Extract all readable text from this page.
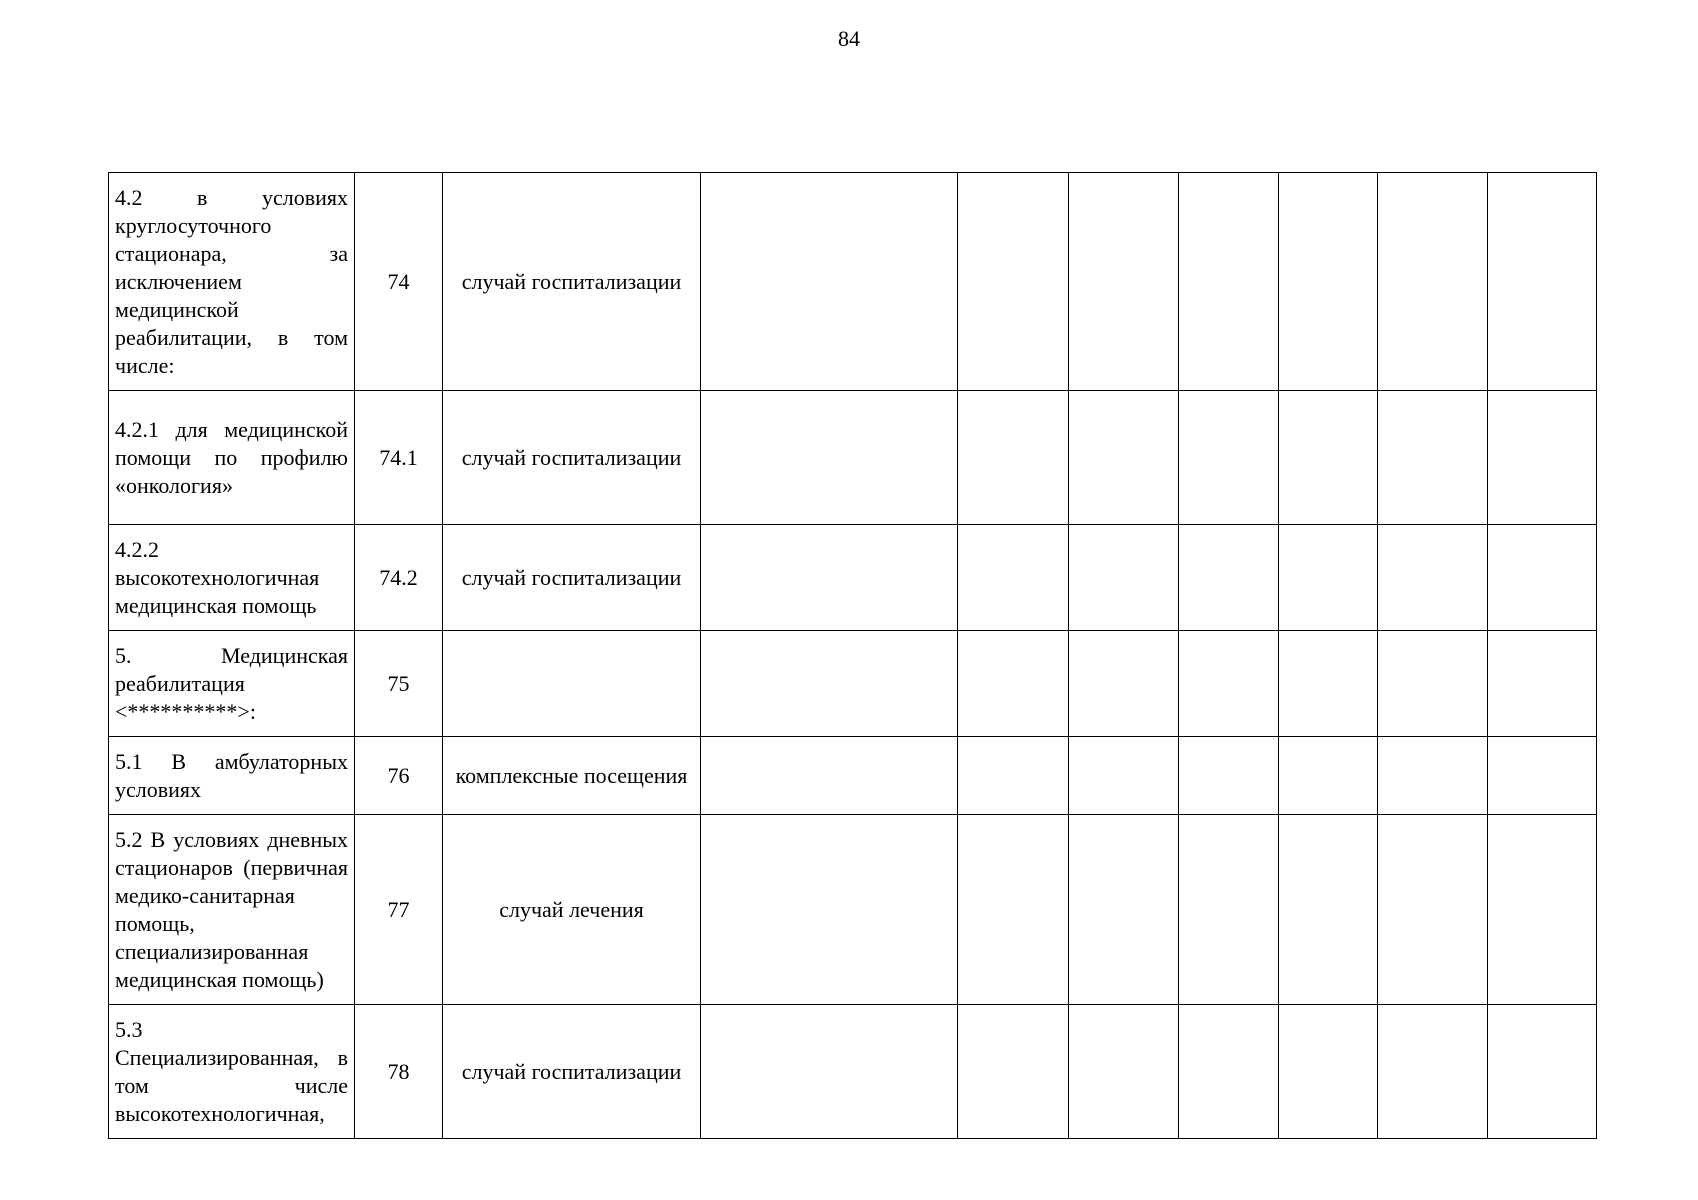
84
4.2 в условиях круглосуточного стационара, за исключением медицинской реабилитации, в том числе:	74	случай госпитализации							
4.2.1 для медицинской помощи по профилю «онкология»	74.1	случай госпитализации							
4.2.2 высокотехнологичная медицинская помощь	74.2	случай госпитализации							
5. Медицинская реабилитация <**********>:	75								
5.1 В амбулаторных условиях	76	комплексные посещения							
5.2 В условиях дневных стационаров (первичная медико-санитарная помощь, специализированная медицинская помощь)	77	случай лечения							
5.3 Специализированная, в том числе высокотехнологичная,	78	случай госпитализации							
